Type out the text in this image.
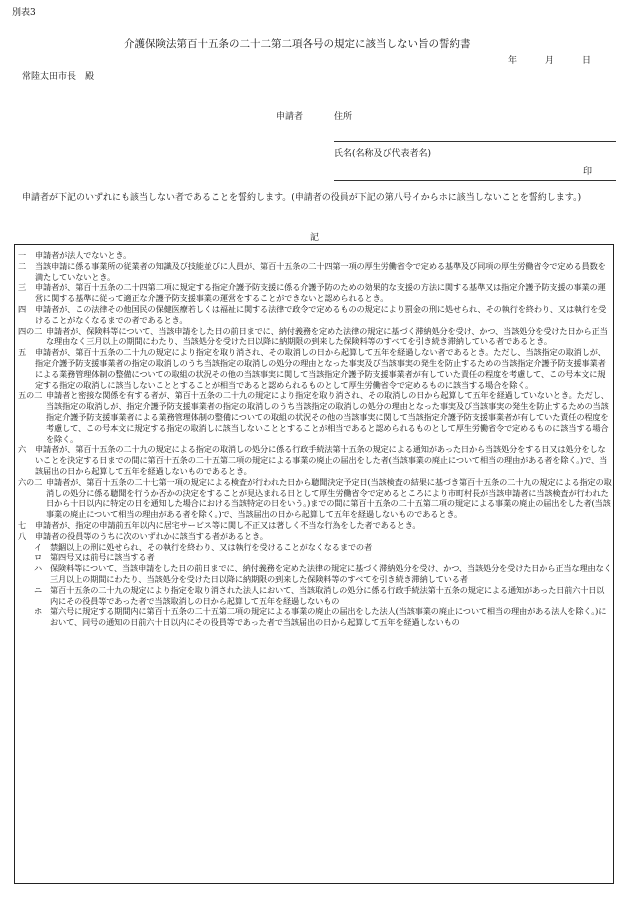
別表3
介護保険法第百十五条の二十二第二項各号の規定に該当しない旨の誓約書
年	月	日
常陸太田市長　殿
申請者	住所
氏名(名称及び代表者名)
印
申請者が下記のいずれにも該当しない者であることを誓約します。(申請者の役員が下記の第八号イからホに該当しないことを誓約します。)
記
一 申請者が法人でないとき。
二 当該申請に係る事業所の従業者の知識及び技能並びに人員が、第百十五条の二十四第一項の厚生労働省令で定める基準及び同項の厚生労働省令で定める員数を満たしていないとき。
三 申請者が、第百十五条の二十四第二項に規定する指定介護予防支援に係る介護予防のための効果的な支援の方法に関する基準又は指定介護予防支援の事業の運営に関する基準に従って適正な介護予防支援事業の運営をすることができないと認められるとき。
四 申請者が、この法律その他国民の保健医療若しくは福祉に関する法律で政令で定めるものの規定により罰金の刑に処せられ、その執行を終わり、又は執行を受けることがなくなるまでの者であるとき。
四の二 申請者が、保険料等について、当該申請をした日の前日までに、納付義務を定めた法律の規定に基づく滞納処分を受け、かつ、当該処分を受けた日から正当な理由なく三月以上の期間にわたり、当該処分を受けた日以降に納期限の到来した保険料等のすべてを引き続き滞納している者であるとき。
五 申請者が、第百十五条の二十九の規定により指定を取り消され、その取消しの日から起算して五年を経過しない者であるとき。ただし、当該指定の取消しが、指定介護予防支援事業者の指定の取消しのうち当該指定の取消しの処分の理由となった事実及び当該事実の発生を防止するための当該指定介護予防支援事業者による業務管理体制の整備についての取組の状況その他の当該事実に関して当該指定介護予防支援事業者が有していた責任の程度を考慮して、この号本文に規定する指定の取消しに該当しないこととすることが相当であると認められるものとして厚生労働省令で定めるものに該当する場合を除く。
五の二 申請者と密接な関係を有する者が、第百十五条の二十九の規定により指定を取り消され、その取消しの日から起算して五年を経過していないとき。ただし、当該指定の取消しが、指定介護予防支援事業者の指定の取消しのうち当該指定の取消しの処分の理由となった事実及び当該事実の発生を防止するための当該指定介護予防支援事業者による業務管理体制の整備についての取組の状況その他の当該事実に関して当該指定介護予防支援事業者が有していた責任の程度を考慮して、この号本文に規定する指定の取消しに該当しないこととすることが相当であると認められるものとして厚生労働省令で定めるものに該当する場合を除く。
六 申請者が、第百十五条の二十九の規定による指定の取消しの処分に係る行政手続法第十五条の規定による通知があった日から当該処分をする日又は処分をしないことを決定する日までの間に第百十五条の二十五第二項の規定による事業の廃止の届出をした者(当該事業の廃止について相当の理由がある者を除く。)で、当該届出の日から起算して五年を経過しないものであるとき。
六の二 申請者が、第百十五条の二十七第一項の規定による検査が行われた日から聴聞決定予定日(当該検査の結果に基づき第百十五条の二十九の規定による指定の取消しの処分に係る聴聞を行うか否かの決定をすることが見込まれる日として厚生労働省令で定めるところにより市町村長が当該申請者に当該検査が行われた日から十日以内に特定の日を通知した場合における当該特定の日をいう。)までの間に第百十五条の二十五第二項の規定による事業の廃止の届出をした者(当該事業の廃止について相当の理由がある者を除く。)で、当該届出の日から起算して五年を経過しないものであるとき。
七 申請者が、指定の申請前五年以内に居宅サービス等に関し不正又は著しく不当な行為をした者であるとき。
八 申請者の役員等のうちに次のいずれかに該当する者があるとき。
イ 禁錮以上の刑に処せられ、その執行を終わり、又は執行を受けることがなくなるまでの者
ロ 第四号又は前号に該当する者
ハ 保険料等について、当該申請をした日の前日までに、納付義務を定めた法律の規定に基づく滞納処分を受け、かつ、当該処分を受けた日から正当な理由なく三月以上の期間にわたり、当該処分を受けた日以降に納期限の到来した保険料等のすべてを引き続き滞納している者
ニ 第百十五条の二十九の規定により指定を取り消された法人において、当該取消しの処分に係る行政手続法第十五条の規定による通知があった日前六十日以内にその役員等であった者で当該取消しの日から起算して五年を経過しないもの
ホ 第六号に規定する期間内に第百十五条の二十五第二項の規定による事業の廃止の届出をした法人(当該事業の廃止について相当の理由がある法人を除く。)において、同号の通知の日前六十日以内にその役員等であった者で当該届出の日から起算して五年を経過しないもの
